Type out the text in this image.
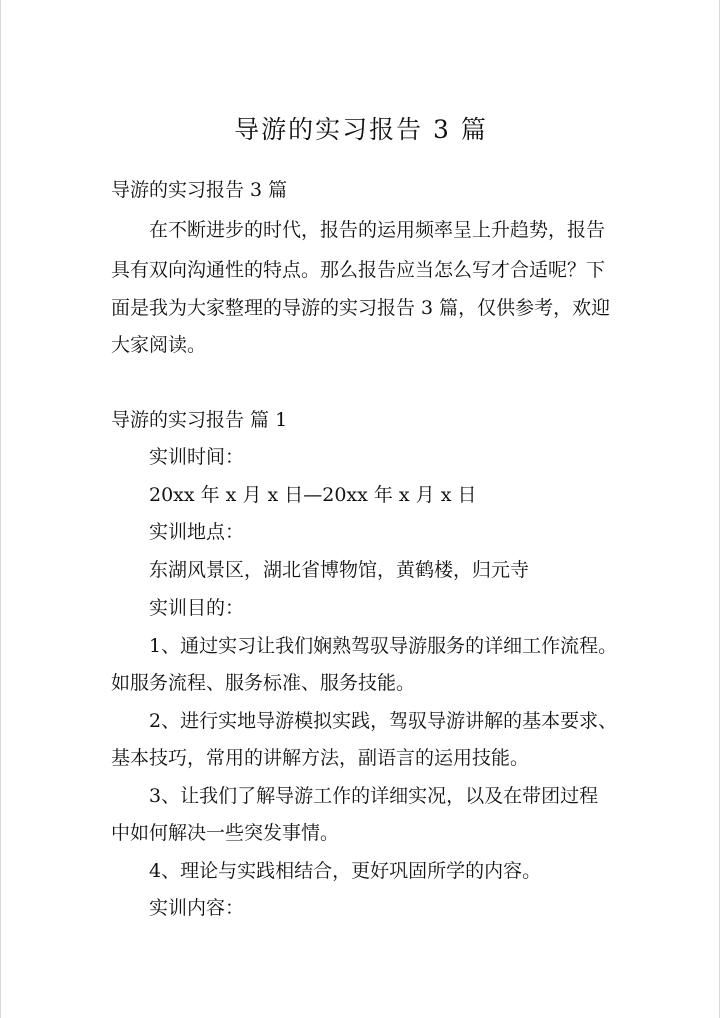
导游的实习报告 3 篇

导游的实习报告 3 篇

在不断进步的时代，报告的运用频率呈上升趋势，报告

具有双向沟通性的特点。那么报告应当怎么写才合适呢？下

面是我为大家整理的导游的实习报告 3 篇，仅供参考，欢迎

大家阅读。

导游的实习报告 篇 1

实训时间：

20xx 年 x 月 x 日—20xx 年 x 月 x 日

实训地点：

东湖风景区，湖北省博物馆，黄鹤楼，归元寺

实训目的：

1、通过实习让我们娴熟驾驭导游服务的详细工作流程。

如服务流程、服务标准、服务技能。

2、进行实地导游模拟实践，驾驭导游讲解的基本要求、

基本技巧，常用的讲解方法，副语言的运用技能。

3、让我们了解导游工作的详细实况，以及在带团过程

中如何解决一些突发事情。

4、理论与实践相结合，更好巩固所学的内容。

实训内容：
